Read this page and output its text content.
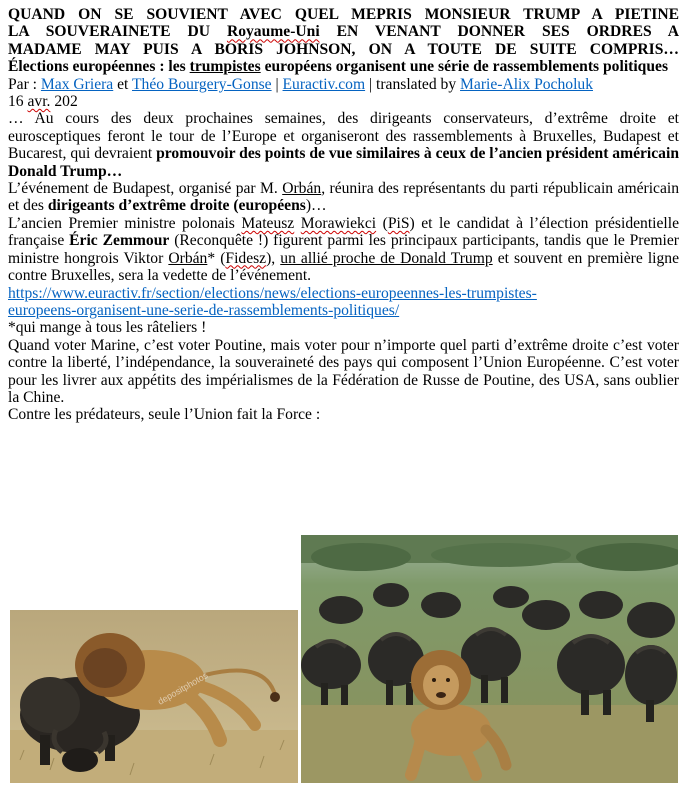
QUAND ON SE SOUVIENT AVEC QUEL MEPRIS MONSIEUR TRUMP A PIETINE

LA SOUVERAINETE DU Royaume-Uni EN VENANT DONNER SES ORDRES A

MADAME MAY PUIS A BORIS JOHNSON, ON A TOUTE DE SUITE COMPRIS…

Élections européennes : les trumpistes européens organisent une série de rassemblements politiques

Par : Max Griera et Théo Bourgery-Gonse | Euractiv.com | translated by Marie-Alix Pocholuk
16 avr. 202

… Au cours des deux prochaines semaines, des dirigeants conservateurs, d’extrême droite et eurosceptiques feront le tour de l’Europe et organiseront des rassemblements à Bruxelles, Budapest et Bucarest, qui devraient promouvoir des points de vue similaires à ceux de l’ancien président américain Donald Trump…

L’événement de Budapest, organisé par M. Orbán, réunira des représentants du parti républicain américain et des dirigeants d’extrême droite (européens)…

L’ancien Premier ministre polonais Mateusz Morawiekci (PiS) et le candidat à l’élection présidentielle française Éric Zemmour (Reconquête !) figurent parmi les principaux participants, tandis que le Premier ministre hongrois Viktor Orbán* (Fidesz), un allié proche de Donald Trump et souvent en première ligne contre Bruxelles, sera la vedette de l’événement.

https://www.euractiv.fr/section/elections/news/elections-europeennes-les-trumpistes-
europeens-organisent-une-serie-de-rassemblements-politiques/

*qui mange à tous les râteliers !

Quand voter Marine, c’est voter Poutine, mais voter pour n’importe quel parti d’extrême droite c’est voter contre la liberté, l’indépendance, la souveraineté des pays qui composent l’Union Européenne. C’est voter pour les livrer aux appétits des impérialismes de la Fédération de Russe de Poutine, des USA, sans oublier la Chine.

Contre les prédateurs, seule l’Union fait la Force :

depositphotos
